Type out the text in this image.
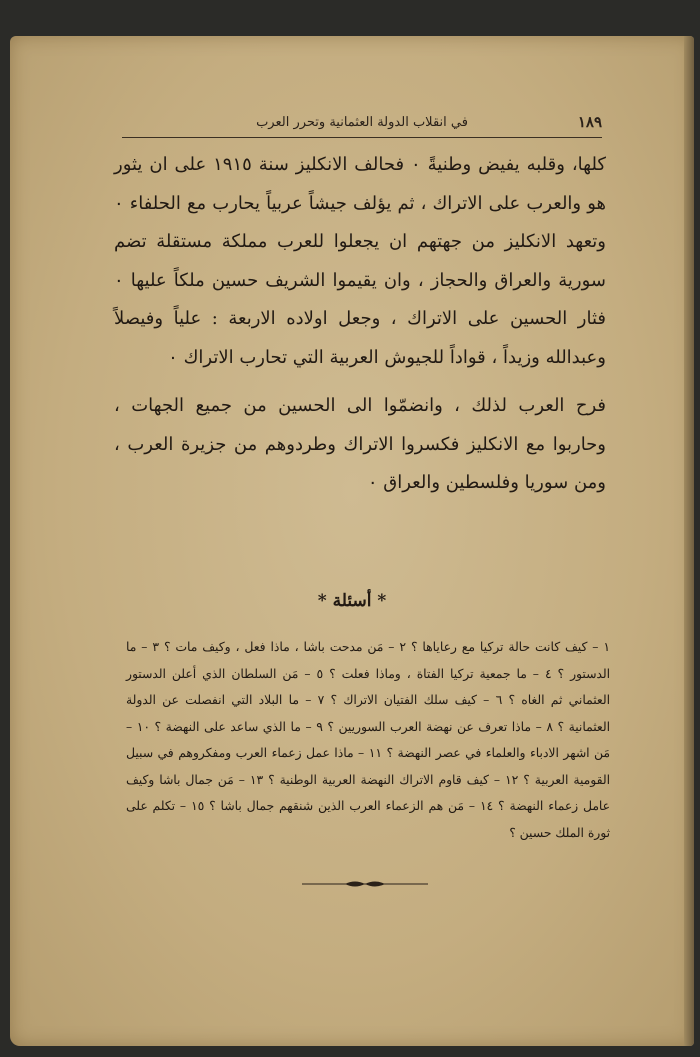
١٨٩
في انقلاب الدولة العثمانية وتحرر العرب

كلها، وقلبه يفيض وطنيةً ٠ فحالف الانكليز سنة ١٩١٥ على ان يثور هو والعرب على الاتراك ، ثم يؤلف جيشاً عربياً يحارب مع الحلفاء ٠ وتعهد الانكليز من جهتهم ان يجعلوا للعرب مملكة مستقلة تضم سورية والعراق والحجاز ، وان يقيموا الشريف حسين ملكاً عليها ٠ فثار الحسين على الاتراك ، وجعل اولاده الاربعة : علياً وفيصلاً وعبدالله وزيداً ، قواداً للجيوش العربية التي تحارب الاتراك ٠

فرح العرب لذلك ، وانضمّوا الى الحسين من جميع الجهات ، وحاربوا مع الانكليز فكسروا الاتراك وطردوهم من جزيرة العرب ، ومن سوريا وفلسطين والعراق ٠

* أسئلة *
١ – كيف كانت حالة تركيا مع رعاياها ؟ ٢ – مَن مدحت باشا ، ماذا فعل ، وكيف مات ؟ ٣ – ما الدستور ؟ ٤ – ما جمعية تركيا الفتاة ، وماذا فعلت ؟ ٥ – مَن السلطان الذي أعلن الدستور العثماني ثم الغاه ؟ ٦ – كيف سلك الفتيان الاتراك ؟ ٧ – ما البلاد التي انفصلت عن الدولة العثمانية ؟ ٨ – ماذا تعرف عن نهضة العرب السوريين ؟ ٩ – ما الذي ساعد على النهضة ؟ ١٠ – مَن اشهر الادباء والعلماء في عصر النهضة ؟ ١١ – ماذا عمل زعماء العرب ومفكروهم في سبيل القومية العربية ؟ ١٢ – كيف قاوم الاتراك النهضة العربية الوطنية ؟ ١٣ – مَن جمال باشا وكيف عامل زعماء النهضة ؟ ١٤ – مَن هم الزعماء العرب الذين شنقهم جمال باشا ؟ ١٥ – تكلم على ثورة الملك حسين ؟
